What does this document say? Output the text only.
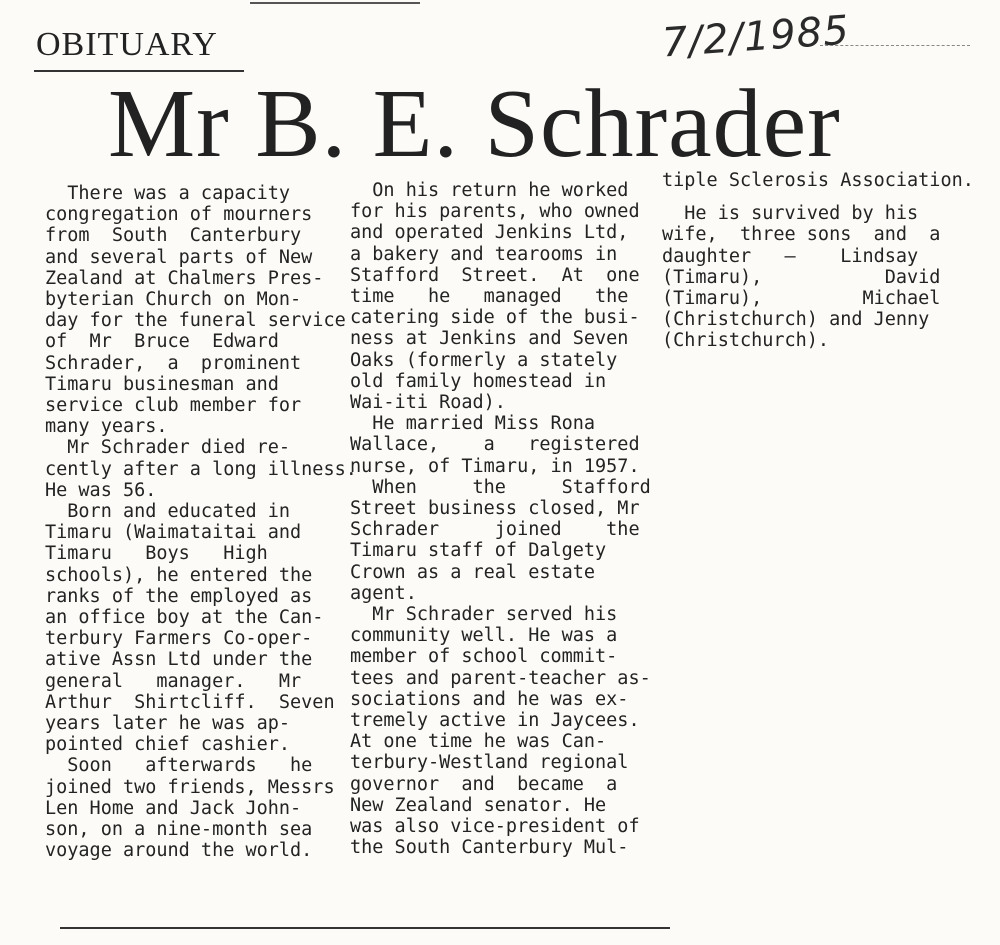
OBITUARY	7/2/1985
Mr B. E. Schrader

There was a capacity

congregation of mourners

from  South  Canterbury

and several parts of New

Zealand at Chalmers Pres-

byterian Church on Mon-

day for the funeral service

of  Mr  Bruce  Edward

Schrader,  a  prominent

Timaru businesman and

service club member for

many years.

Mr Schrader died re-

cently after a long illness.

He was 56.

Born and educated in

Timaru (Waimataitai and

Timaru   Boys   High

schools), he entered the

ranks of the employed as

an office boy at the Can-

terbury Farmers Co-oper-

ative Assn Ltd under the

general   manager.   Mr

Arthur  Shirtcliff.  Seven

years later he was ap-

pointed chief cashier.

Soon   afterwards   he

joined two friends, Messrs

Len Home and Jack John-

son, on a nine-month sea

voyage around the world.

On his return he worked

for his parents, who owned

and operated Jenkins Ltd,

a bakery and tearooms in

Stafford  Street.  At  one

time   he   managed   the

catering side of the busi-

ness at Jenkins and Seven

Oaks (formerly a stately

old family homestead in

Wai-iti Road).

He married Miss Rona

Wallace,    a   registered

nurse, of Timaru, in 1957.

When     the     Stafford

Street business closed, Mr

Schrader     joined    the

Timaru staff of Dalgety

Crown as a real estate

agent.

Mr Schrader served his

community well. He was a

member of school commit-

tees and parent-teacher as-

sociations and he was ex-

tremely active in Jaycees.

At one time he was Can-

terbury-Westland regional

governor  and  became  a

New Zealand senator. He

was also vice-president of

the South Canterbury Mul-

tiple Sclerosis Association.

He is survived by his

wife,  three sons  and  a

daughter   —    Lindsay

(Timaru),           David

(Timaru),         Michael

(Christchurch) and Jenny

(Christchurch).
